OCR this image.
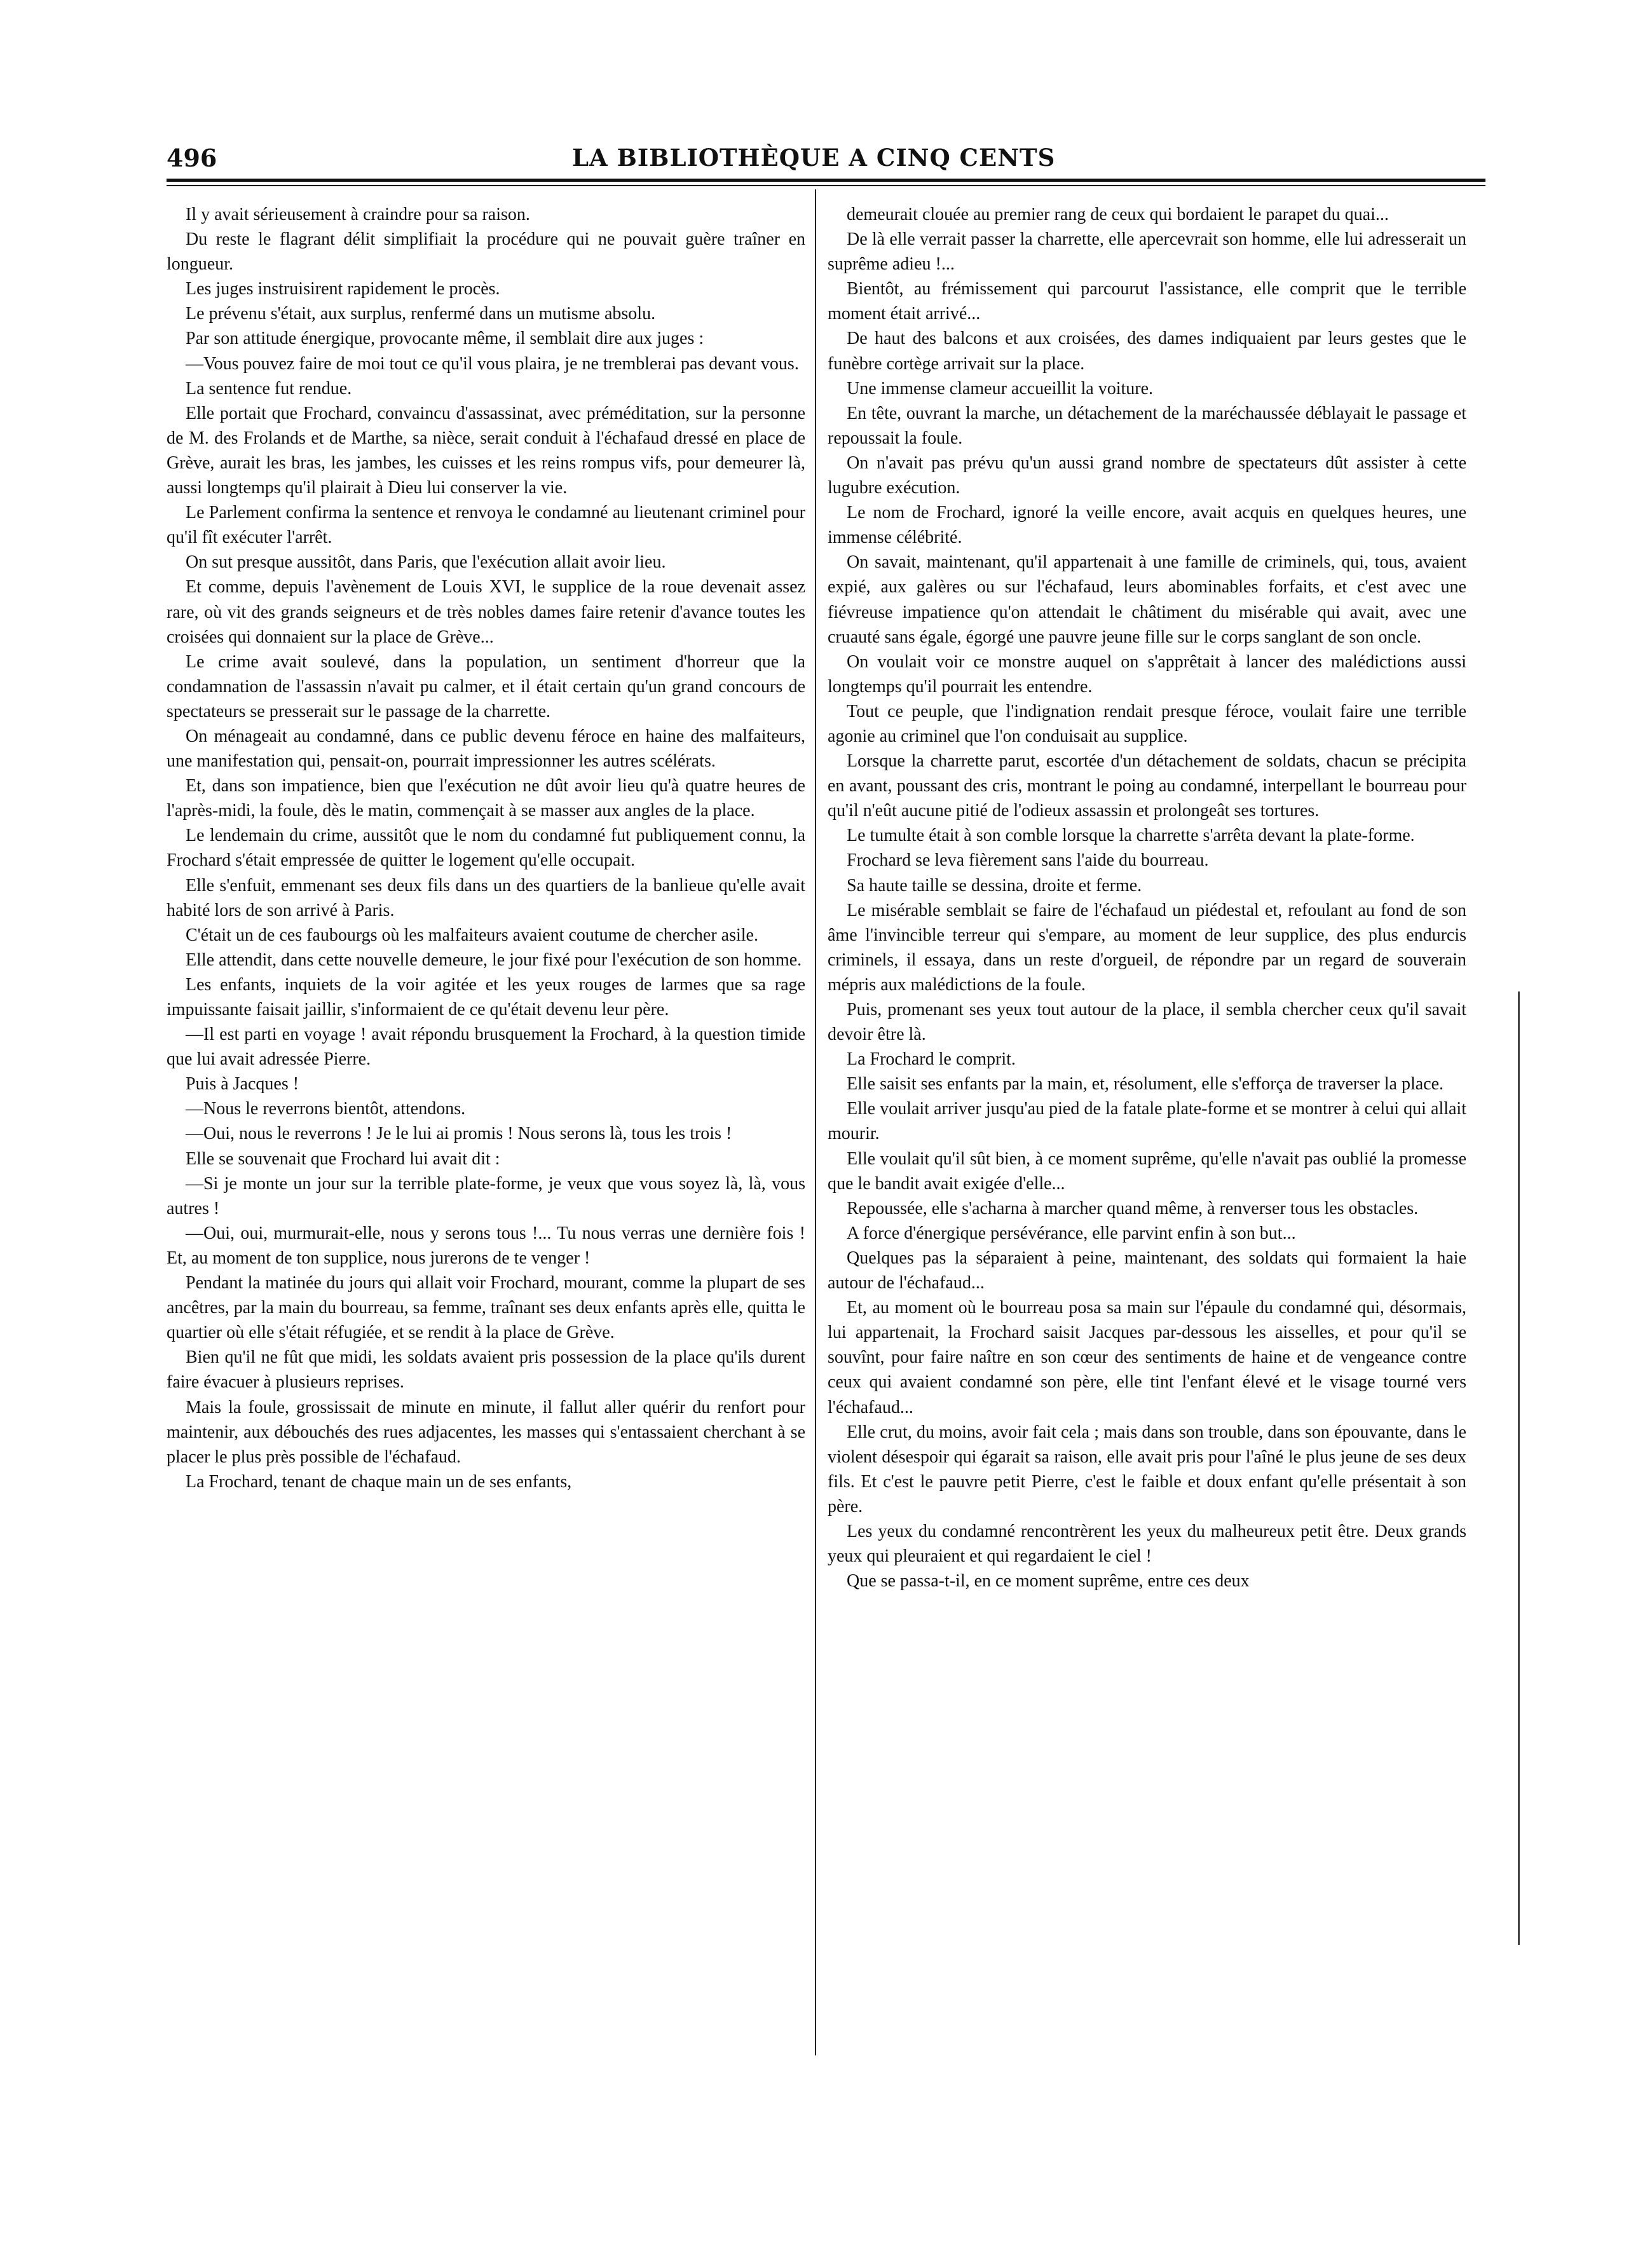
496	LA BIBLIOTHÈQUE A CINQ CENTS

Il y avait sérieusement à craindre pour sa raison.

Du reste le flagrant délit simplifiait la procédure qui ne pouvait guère traîner en longueur.

Les juges instruisirent rapidement le procès.

Le prévenu s'était, aux surplus, renfermé dans un mutisme absolu.

Par son attitude énergique, provocante même, il semblait dire aux juges :

—Vous pouvez faire de moi tout ce qu'il vous plaira, je ne tremblerai pas devant vous.

La sentence fut rendue.

Elle portait que Frochard, convaincu d'assassinat, avec préméditation, sur la personne de M. des Frolands et de Marthe, sa nièce, serait conduit à l'échafaud dressé en place de Grève, aurait les bras, les jambes, les cuisses et les reins rompus vifs, pour demeurer là, aussi longtemps qu'il plairait à Dieu lui conserver la vie.

Le Parlement confirma la sentence et renvoya le condamné au lieutenant criminel pour qu'il fît exécuter l'arrêt.

On sut presque aussitôt, dans Paris, que l'exécution allait avoir lieu.

Et comme, depuis l'avènement de Louis XVI, le supplice de la roue devenait assez rare, où vit des grands seigneurs et de très nobles dames faire retenir d'avance toutes les croisées qui donnaient sur la place de Grève...

Le crime avait soulevé, dans la population, un sentiment d'horreur que la condamnation de l'assassin n'avait pu calmer, et il était certain qu'un grand concours de spectateurs se presserait sur le passage de la charrette.

On ménageait au condamné, dans ce public devenu féroce en haine des malfaiteurs, une manifestation qui, pensait-on, pourrait impressionner les autres scélérats.

Et, dans son impatience, bien que l'exécution ne dût avoir lieu qu'à quatre heures de l'après-midi, la foule, dès le matin, commençait à se masser aux angles de la place.

Le lendemain du crime, aussitôt que le nom du condamné fut publiquement connu, la Frochard s'était empressée de quitter le logement qu'elle occupait.

Elle s'enfuit, emmenant ses deux fils dans un des quartiers de la banlieue qu'elle avait habité lors de son arrivé à Paris.

C'était un de ces faubourgs où les malfaiteurs avaient coutume de chercher asile.

Elle attendit, dans cette nouvelle demeure, le jour fixé pour l'exécution de son homme.

Les enfants, inquiets de la voir agitée et les yeux rouges de larmes que sa rage impuissante faisait jaillir, s'informaient de ce qu'était devenu leur père.

—Il est parti en voyage ! avait répondu brusquement la Frochard, à la question timide que lui avait adressée Pierre.

Puis à Jacques !

—Nous le reverrons bientôt, attendons.

—Oui, nous le reverrons ! Je le lui ai promis ! Nous serons là, tous les trois !

Elle se souvenait que Frochard lui avait dit :

—Si je monte un jour sur la terrible plate-forme, je veux que vous soyez là, là, vous autres !

—Oui, oui, murmurait-elle, nous y serons tous !... Tu nous verras une dernière fois ! Et, au moment de ton supplice, nous jurerons de te venger !

Pendant la matinée du jours qui allait voir Frochard, mourant, comme la plupart de ses ancêtres, par la main du bourreau, sa femme, traînant ses deux enfants après elle, quitta le quartier où elle s'était réfugiée, et se rendit à la place de Grève.

Bien qu'il ne fût que midi, les soldats avaient pris possession de la place qu'ils durent faire évacuer à plusieurs reprises.

Mais la foule, grossissait de minute en minute, il fallut aller quérir du renfort pour maintenir, aux débouchés des rues adjacentes, les masses qui s'entassaient cherchant à se placer le plus près possible de l'échafaud.

La Frochard, tenant de chaque main un de ses enfants,

demeurait clouée au premier rang de ceux qui bordaient le parapet du quai...

De là elle verrait passer la charrette, elle apercevrait son homme, elle lui adresserait un suprême adieu !...

Bientôt, au frémissement qui parcourut l'assistance, elle comprit que le terrible moment était arrivé...

De haut des balcons et aux croisées, des dames indiquaient par leurs gestes que le funèbre cortège arrivait sur la place.

Une immense clameur accueillit la voiture.

En tête, ouvrant la marche, un détachement de la maréchaussée déblayait le passage et repoussait la foule.

On n'avait pas prévu qu'un aussi grand nombre de spectateurs dût assister à cette lugubre exécution.

Le nom de Frochard, ignoré la veille encore, avait acquis en quelques heures, une immense célébrité.

On savait, maintenant, qu'il appartenait à une famille de criminels, qui, tous, avaient expié, aux galères ou sur l'échafaud, leurs abominables forfaits, et c'est avec une fiévreuse impatience qu'on attendait le châtiment du misérable qui avait, avec une cruauté sans égale, égorgé une pauvre jeune fille sur le corps sanglant de son oncle.

On voulait voir ce monstre auquel on s'apprêtait à lancer des malédictions aussi longtemps qu'il pourrait les entendre.

Tout ce peuple, que l'indignation rendait presque féroce, voulait faire une terrible agonie au criminel que l'on conduisait au supplice.

Lorsque la charrette parut, escortée d'un détachement de soldats, chacun se précipita en avant, poussant des cris, montrant le poing au condamné, interpellant le bourreau pour qu'il n'eût aucune pitié de l'odieux assassin et prolongeât ses tortures.

Le tumulte était à son comble lorsque la charrette s'arrêta devant la plate-forme.

Frochard se leva fièrement sans l'aide du bourreau.

Sa haute taille se dessina, droite et ferme.

Le misérable semblait se faire de l'échafaud un piédestal et, refoulant au fond de son âme l'invincible terreur qui s'empare, au moment de leur supplice, des plus endurcis criminels, il essaya, dans un reste d'orgueil, de répondre par un regard de souverain mépris aux malédictions de la foule.

Puis, promenant ses yeux tout autour de la place, il sembla chercher ceux qu'il savait devoir être là.

La Frochard le comprit.

Elle saisit ses enfants par la main, et, résolument, elle s'efforça de traverser la place.

Elle voulait arriver jusqu'au pied de la fatale plate-forme et se montrer à celui qui allait mourir.

Elle voulait qu'il sût bien, à ce moment suprême, qu'elle n'avait pas oublié la promesse que le bandit avait exigée d'elle...

Repoussée, elle s'acharna à marcher quand même, à renverser tous les obstacles.

A force d'énergique persévérance, elle parvint enfin à son but...

Quelques pas la séparaient à peine, maintenant, des soldats qui formaient la haie autour de l'échafaud...

Et, au moment où le bourreau posa sa main sur l'épaule du condamné qui, désormais, lui appartenait, la Frochard saisit Jacques par-dessous les aisselles, et pour qu'il se souvînt, pour faire naître en son cœur des sentiments de haine et de vengeance contre ceux qui avaient condamné son père, elle tint l'enfant élevé et le visage tourné vers l'échafaud...

Elle crut, du moins, avoir fait cela ; mais dans son trouble, dans son épouvante, dans le violent désespoir qui égarait sa raison, elle avait pris pour l'aîné le plus jeune de ses deux fils. Et c'est le pauvre petit Pierre, c'est le faible et doux enfant qu'elle présentait à son père.

Les yeux du condamné rencontrèrent les yeux du malheureux petit être. Deux grands yeux qui pleuraient et qui regardaient le ciel !

Que se passa-t-il, en ce moment suprême, entre ces deux
